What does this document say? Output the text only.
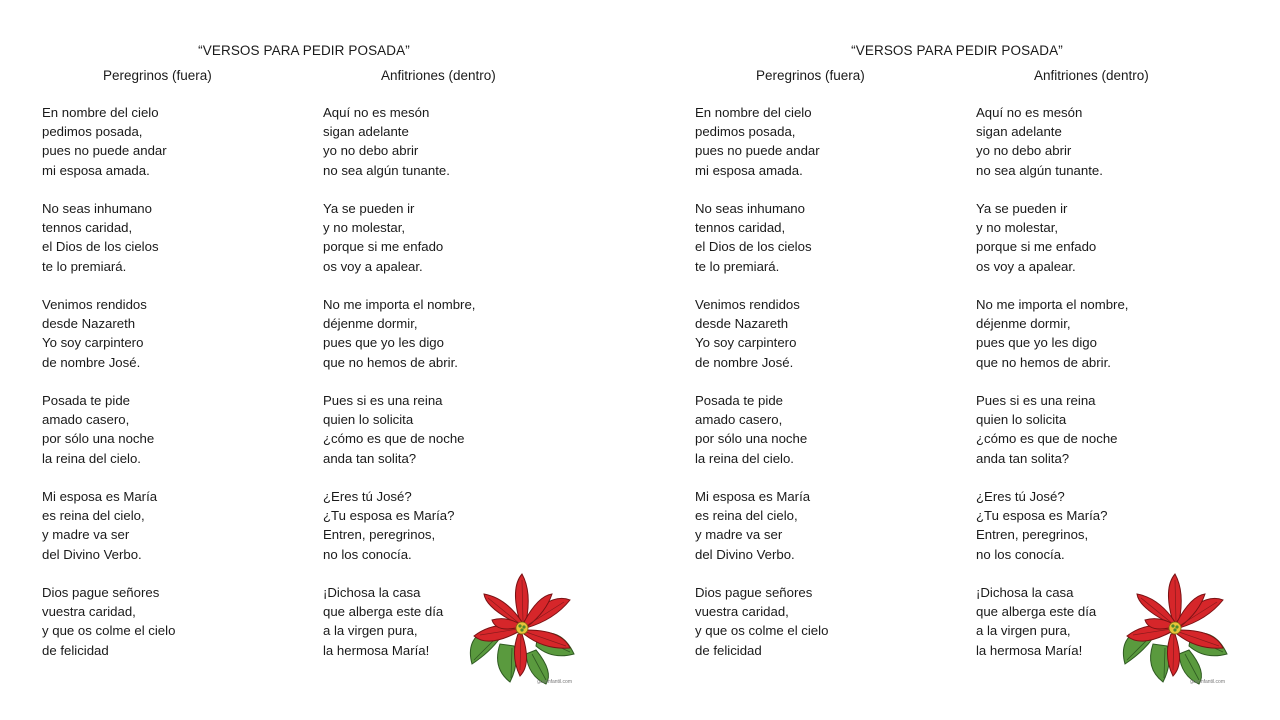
“VERSOS PARA PEDIR POSADA”
Peregrinos (fuera)	Anfitriones (dentro)
En nombre del cielo
pedimos posada,
pues no puede andar
mi esposa amada.
No seas inhumano
tennos caridad,
el Dios de los cielos
te lo premiará.
Venimos rendidos
desde Nazareth
Yo soy carpintero
de nombre José.
Posada te pide
amado casero,
por sólo una noche
la reina del cielo.
Mi esposa es María
es reina del cielo,
y madre va ser
del Divino Verbo.
Dios pague señores
vuestra caridad,
y que os colme el cielo
de felicidad
Aquí no es mesón
sigan adelante
yo no debo abrir
no sea algún tunante.
Ya se pueden ir
y no molestar,
porque si me enfado
os voy a apalear.
No me importa el nombre,
déjenme dormir,
pues que yo les digo
que no hemos de abrir.
Pues si es una reina
quien lo solicita
¿cómo es que de noche
anda tan solita?
¿Eres tú José?
¿Tu esposa es María?
Entren, peregrinos,
no los conocía.
¡Dichosa la casa
que alberga este día
a la virgen pura,
la hermosa María!
guiainfantil.com
“VERSOS PARA PEDIR POSADA”
Peregrinos (fuera)	Anfitriones (dentro)
En nombre del cielo
pedimos posada,
pues no puede andar
mi esposa amada.
No seas inhumano
tennos caridad,
el Dios de los cielos
te lo premiará.
Venimos rendidos
desde Nazareth
Yo soy carpintero
de nombre José.
Posada te pide
amado casero,
por sólo una noche
la reina del cielo.
Mi esposa es María
es reina del cielo,
y madre va ser
del Divino Verbo.
Dios pague señores
vuestra caridad,
y que os colme el cielo
de felicidad
Aquí no es mesón
sigan adelante
yo no debo abrir
no sea algún tunante.
Ya se pueden ir
y no molestar,
porque si me enfado
os voy a apalear.
No me importa el nombre,
déjenme dormir,
pues que yo les digo
que no hemos de abrir.
Pues si es una reina
quien lo solicita
¿cómo es que de noche
anda tan solita?
¿Eres tú José?
¿Tu esposa es María?
Entren, peregrinos,
no los conocía.
¡Dichosa la casa
que alberga este día
a la virgen pura,
la hermosa María!
guiainfantil.com
